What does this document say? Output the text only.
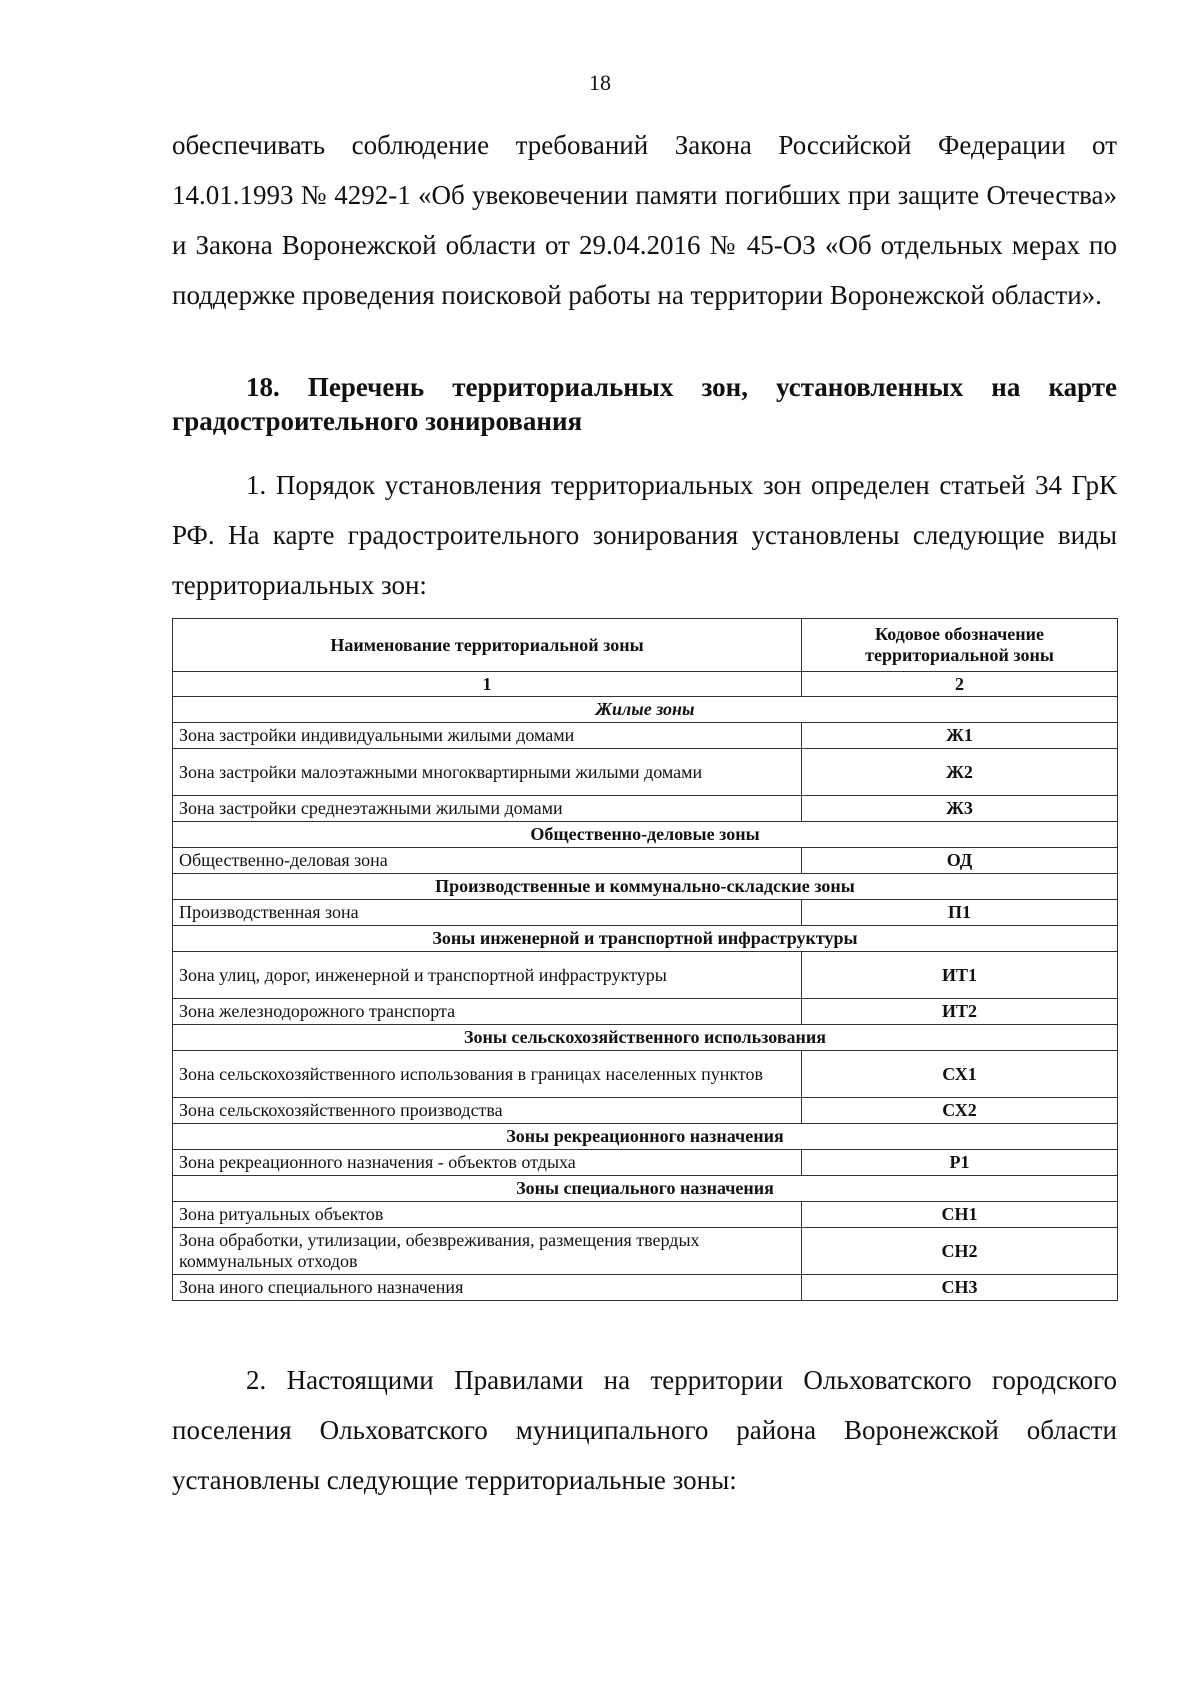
18

обеспечивать соблюдение требований Закона Российской Федерации от 14.01.1993 № 4292-1 «Об увековечении памяти погибших при защите Отечества» и Закона Воронежской области от 29.04.2016 № 45-ОЗ «Об отдельных мерах по поддержке проведения поисковой работы на территории Воронежской области».

18. Перечень территориальных зон, установленных на карте градостроительного зонирования

1. Порядок установления территориальных зон определен статьей 34 ГрК РФ. На карте градостроительного зонирования установлены следующие виды территориальных зон:

Наименование территориальной зоны	Кодовое обозначение территориальной зоны
1	2
Жилые зоны	
Зона застройки индивидуальными жилыми домами	Ж1
Зона застройки малоэтажными многоквартирными жилыми домами	Ж2
Зона застройки среднеэтажными жилыми домами	Ж3
Общественно-деловые зоны	
Общественно-деловая зона	ОД
Производственные и коммунально-складские зоны	
Производственная зона	П1
Зоны инженерной и транспортной инфраструктуры	
Зона улиц, дорог, инженерной и транспортной инфраструктуры	ИТ1
Зона железнодорожного транспорта	ИТ2
Зоны сельскохозяйственного использования	
Зона сельскохозяйственного использования в границах населенных пунктов	СХ1
Зона сельскохозяйственного производства	СХ2
Зоны рекреационного назначения	
Зона рекреационного назначения - объектов отдыха	Р1
Зоны специального назначения	
Зона ритуальных объектов	СН1
Зона обработки, утилизации, обезвреживания, размещения твердых коммунальных отходов	СН2
Зона иного специального назначения	СН3

2. Настоящими Правилами на территории Ольховатского городского поселения Ольховатского муниципального района Воронежской области установлены следующие территориальные зоны:
